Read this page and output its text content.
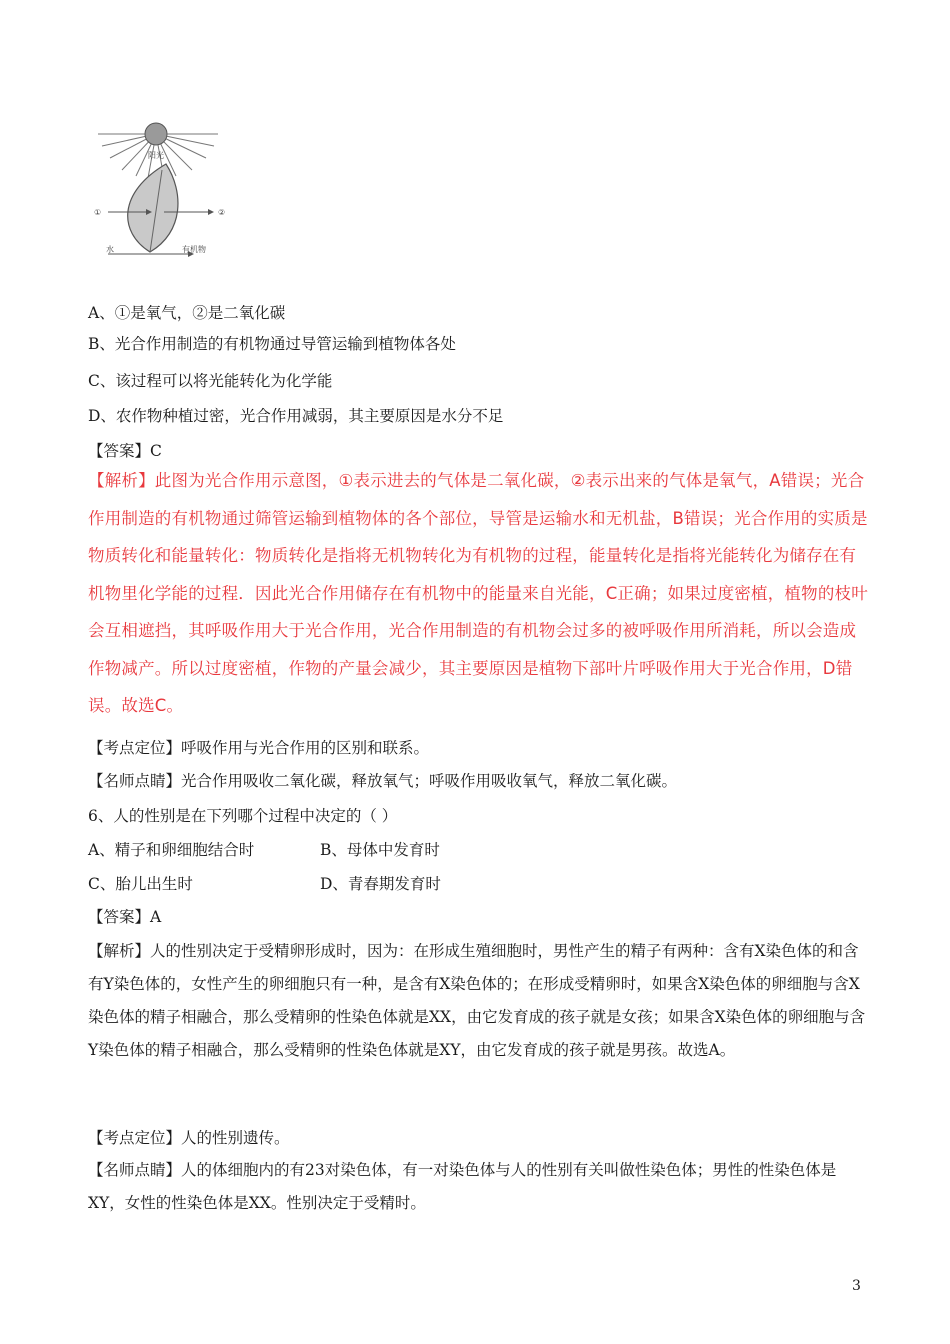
阳光
①	②
水	有机物
A、①是氧气，②是二氧化碳
B、光合作用制造的有机物通过导管运输到植物体各处
C、该过程可以将光能转化为化学能
D、农作物种植过密，光合作用减弱，其主要原因是水分不足
【答案】C
【解析】此图为光合作用示意图，①表示进去的气体是二氧化碳，②表示出来的气体是氧气，A错误；光合作用制造的有机物通过筛管运输到植物体的各个部位，导管是运输水和无机盐，B错误；光合作用的实质是物质转化和能量转化：物质转化是指将无机物转化为有机物的过程，能量转化是指将光能转化为储存在有机物里化学能的过程．因此光合作用储存在有机物中的能量来自光能，C正确；如果过度密植，植物的枝叶会互相遮挡，其呼吸作用大于光合作用，光合作用制造的有机物会过多的被呼吸作用所消耗，所以会造成作物减产。所以过度密植，作物的产量会减少，其主要原因是植物下部叶片呼吸作用大于光合作用，D错误。故选C。
【考点定位】呼吸作用与光合作用的区别和联系。
【名师点睛】光合作用吸收二氧化碳，释放氧气；呼吸作用吸收氧气，释放二氧化碳。
6、人的性别是在下列哪个过程中决定的（ ）
A、精子和卵细胞结合时	B、母体中发育时
C、胎儿出生时	D、青春期发育时
【答案】A
【解析】人的性别决定于受精卵形成时，因为：在形成生殖细胞时，男性产生的精子有两种：含有X染色体的和含有Y染色体的，女性产生的卵细胞只有一种，是含有X染色体的；在形成受精卵时，如果含X染色体的卵细胞与含X染色体的精子相融合，那么受精卵的性染色体就是XX，由它发育成的孩子就是女孩；如果含X染色体的卵细胞与含Y染色体的精子相融合，那么受精卵的性染色体就是XY，由它发育成的孩子就是男孩。故选A。
【考点定位】人的性别遗传。
【名师点睛】人的体细胞内的有23对染色体，有一对染色体与人的性别有关叫做性染色体；男性的性染色体是XY，女性的性染色体是XX。性别决定于受精时。
3
